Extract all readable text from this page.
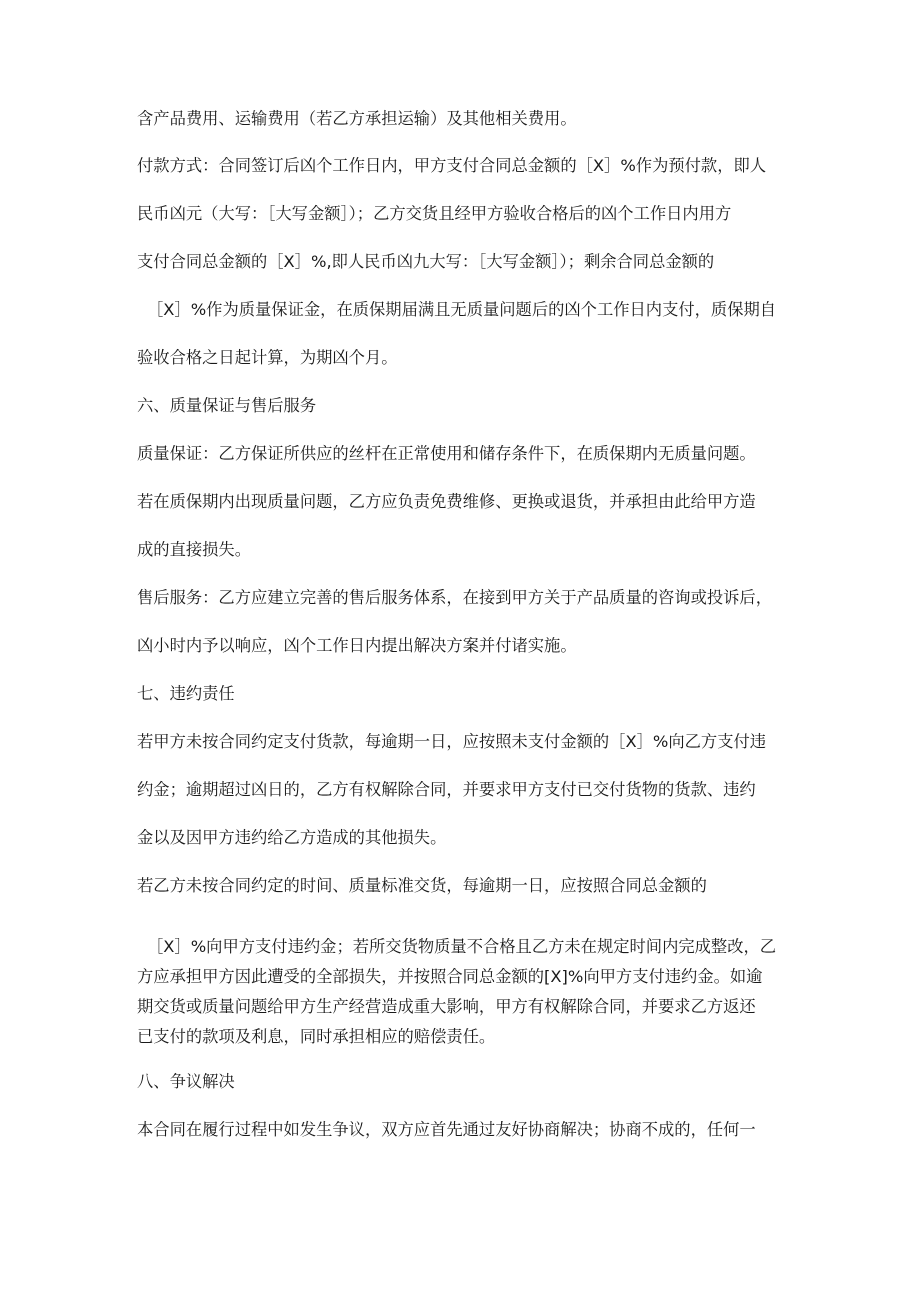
含产品费用、运输费用（若乙方承担运输）及其他相关费用。
付款方式：合同签订后凶个工作日内，甲方支付合同总金额的［X］%作为预付款，即人
民币凶元（大写：［大写金额］）；乙方交货且经甲方验收合格后的凶个工作日内用方
支付合同总金额的［X］%,即人民币凶九大写：［大写金额］）；剩余合同总金额的
［X］%作为质量保证金，在质保期届满且无质量问题后的凶个工作日内支付，质保期自
验收合格之日起计算，为期凶个月。
六、质量保证与售后服务
质量保证：乙方保证所供应的丝杆在正常使用和储存条件下，在质保期内无质量问题。
若在质保期内出现质量问题，乙方应负责免费维修、更换或退货，并承担由此给甲方造
成的直接损失。
售后服务：乙方应建立完善的售后服务体系，在接到甲方关于产品质量的咨询或投诉后，
凶小时内予以响应，凶个工作日内提出解决方案并付诸实施。
七、违约责任
若甲方未按合同约定支付货款，每逾期一日，应按照未支付金额的［X］%向乙方支付违
约金；逾期超过凶日的，乙方有权解除合同，并要求甲方支付已交付货物的货款、违约
金以及因甲方违约给乙方造成的其他损失。
若乙方未按合同约定的时间、质量标准交货，每逾期一日，应按照合同总金额的
［X］%向甲方支付违约金；若所交货物质量不合格且乙方未在规定时间内完成整改，乙
方应承担甲方因此遭受的全部损失，并按照合同总金额的[X]%向甲方支付违约金。如逾
期交货或质量问题给甲方生产经营造成重大影响，甲方有权解除合同，并要求乙方返还
已支付的款项及利息，同时承担相应的赔偿责任。
八、争议解决
本合同在履行过程中如发生争议，双方应首先通过友好协商解决；协商不成的，任何一
